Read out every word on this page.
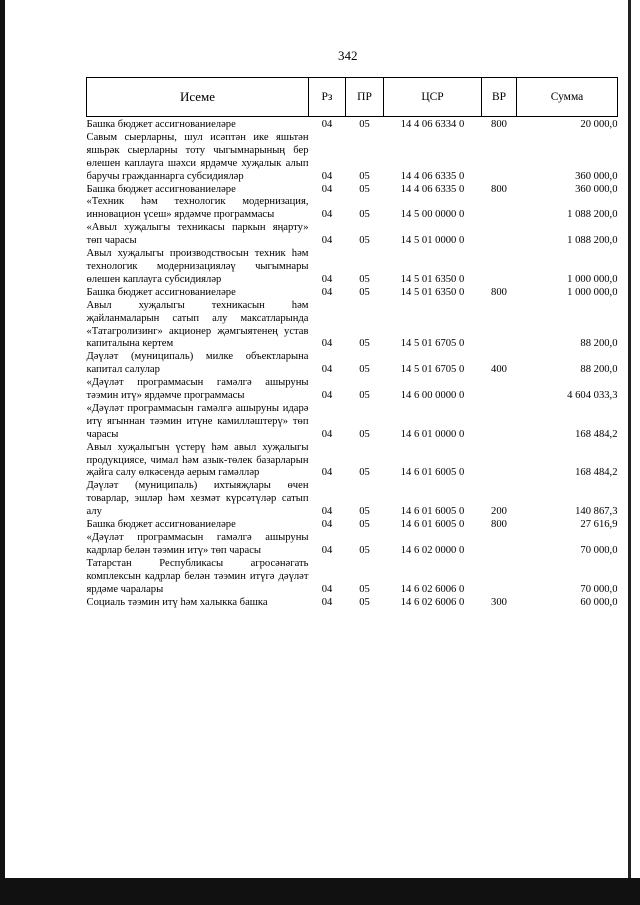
342
Исеме	Рз	ПР	ЦСР	ВР	Сумма
Башка бюджет ассигнованиеләре	04	05	14 4 06 6334 0	800	20 000,0
Савым сыерларны, шул исәптән ике яшьтән яшьрәк сыерларны тоту чыгымнарының бер өлешен каплауга шәхси ярдәмче хуҗалык алып баручы гражданнарга субсидияләр	04	05	14 4 06 6335 0		360 000,0
Башка бюджет ассигнованиеләре	04	05	14 4 06 6335 0	800	360 000,0
«Техник һәм технологик модернизация, инновацион үсеш» ярдәмче программасы	04	05	14 5 00 0000 0		1 088 200,0
«Авыл хуҗалыгы техникасы паркын яңарту» төп чарасы	04	05	14 5 01 0000 0		1 088 200,0
Авыл хуҗалыгы производствосын техник һәм технологик модернизацияләү чыгымнары өлешен каплауга субсидияләр	04	05	14 5 01 6350 0		1 000 000,0
Башка бюджет ассигнованиеләре	04	05	14 5 01 6350 0	800	1 000 000,0
Авыл хуҗалыгы техникасын һәм җайланмаларын сатып алу максатларында «Татагролизинг» акционер җәмгыятенең устав капиталына кертем	04	05	14 5 01 6705 0		88 200,0
Дәүләт (муниципаль) милке объектларына капитал салулар	04	05	14 5 01 6705 0	400	88 200,0
«Дәүләт программасын гамәлгә ашыруны тәэмин итү» ярдәмче программасы	04	05	14 6 00 0000 0		4 604 033,3
«Дәүләт программасын гамәлгә ашыруны идарә итү ягыннан тәэмин итүне камилләштерү» төп чарасы	04	05	14 6 01 0000 0		168 484,2
Авыл хуҗалыгын үстерү һәм авыл хуҗалыгы продукциясе, чимал һәм азык-төлек базарларын җайга салу өлкәсендә аерым гамәлләр	04	05	14 6 01 6005 0		168 484,2
Дәүләт (муниципаль) ихтыяҗлары өчен товарлар, эшләр һәм хезмәт күрсәтүләр сатып алу	04	05	14 6 01 6005 0	200	140 867,3
Башка бюджет ассигнованиеләре	04	05	14 6 01 6005 0	800	27 616,9
«Дәүләт программасын гамәлгә ашыруны кадрлар белән тәэмин итү» төп чарасы	04	05	14 6 02 0000 0		70 000,0
Татарстан Республикасы агросәнәгать комплексын кадрлар белән тәэмин итүгә дәүләт ярдәме чаралары	04	05	14 6 02 6006 0		70 000,0
Социаль тәэмин итү һәм халыкка башка	04	05	14 6 02 6006 0	300	60 000,0
